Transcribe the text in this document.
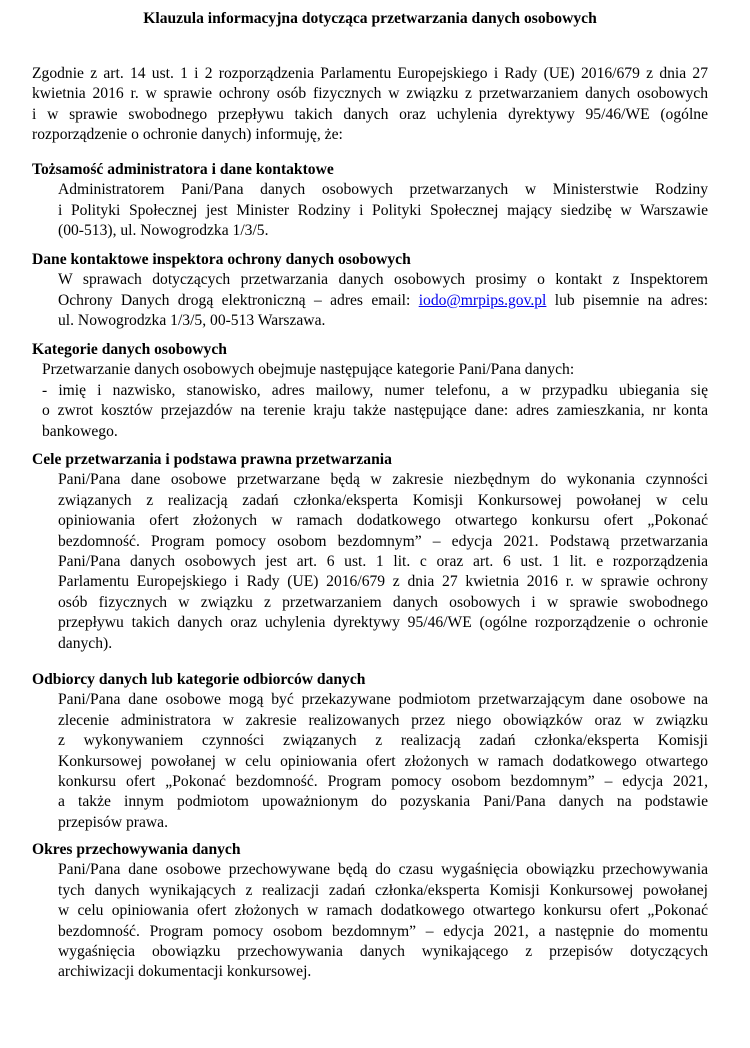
Klauzula informacyjna dotycząca przetwarzania danych osobowych
Zgodnie z art. 14 ust. 1 i 2 rozporządzenia Parlamentu Europejskiego i Rady (UE) 2016/679 z dnia 27
kwietnia 2016 r. w sprawie ochrony osób fizycznych w związku z przetwarzaniem danych osobowych
i w sprawie swobodnego przepływu takich danych oraz uchylenia dyrektywy 95/46/WE (ogólne
rozporządzenie o ochronie danych) informuję, że:
Tożsamość administratora i dane kontaktowe
Administratorem Pani/Pana danych osobowych przetwarzanych w Ministerstwie Rodziny
i Polityki Społecznej jest Minister Rodziny i Polityki Społecznej mający siedzibę w Warszawie
(00-513), ul. Nowogrodzka 1/3/5.
Dane kontaktowe inspektora ochrony danych osobowych
W sprawach dotyczących przetwarzania danych osobowych prosimy o kontakt z Inspektorem
Ochrony Danych drogą elektroniczną – adres email: iodo@mrpips.gov.pl lub pisemnie na adres:
ul. Nowogrodzka 1/3/5, 00-513 Warszawa.
Kategorie danych osobowych
Przetwarzanie danych osobowych obejmuje następujące kategorie Pani/Pana danych:
- imię i nazwisko, stanowisko, adres mailowy, numer telefonu, a w przypadku ubiegania się
o zwrot kosztów przejazdów na terenie kraju także następujące dane: adres zamieszkania, nr konta
bankowego.
Cele przetwarzania i podstawa prawna przetwarzania
Pani/Pana dane osobowe przetwarzane będą w zakresie niezbędnym do wykonania czynności
związanych z realizacją zadań członka/eksperta Komisji Konkursowej powołanej w celu
opiniowania ofert złożonych w ramach dodatkowego otwartego konkursu ofert „Pokonać
bezdomność. Program pomocy osobom bezdomnym” – edycja 2021. Podstawą przetwarzania
Pani/Pana danych osobowych jest art. 6 ust. 1 lit. c oraz art. 6 ust. 1 lit. e rozporządzenia
Parlamentu Europejskiego i Rady (UE) 2016/679 z dnia 27 kwietnia 2016 r. w sprawie ochrony
osób fizycznych w związku z przetwarzaniem danych osobowych i w sprawie swobodnego
przepływu takich danych oraz uchylenia dyrektywy 95/46/WE (ogólne rozporządzenie o ochronie
danych).
Odbiorcy danych lub kategorie odbiorców danych
Pani/Pana dane osobowe mogą być przekazywane podmiotom przetwarzającym dane osobowe na
zlecenie administratora w zakresie realizowanych przez niego obowiązków oraz w związku
z wykonywaniem czynności związanych z realizacją zadań członka/eksperta Komisji
Konkursowej powołanej w celu opiniowania ofert złożonych w ramach dodatkowego otwartego
konkursu ofert „Pokonać bezdomność. Program pomocy osobom bezdomnym” – edycja 2021,
a także innym podmiotom upoważnionym do pozyskania Pani/Pana danych na podstawie
przepisów prawa.
Okres przechowywania danych
Pani/Pana dane osobowe przechowywane będą do czasu wygaśnięcia obowiązku przechowywania
tych danych wynikających z realizacji zadań członka/eksperta Komisji Konkursowej powołanej
w celu opiniowania ofert złożonych w ramach dodatkowego otwartego konkursu ofert „Pokonać
bezdomność. Program pomocy osobom bezdomnym” – edycja 2021, a następnie do momentu
wygaśnięcia obowiązku przechowywania danych wynikającego z przepisów dotyczących
archiwizacji dokumentacji konkursowej.
